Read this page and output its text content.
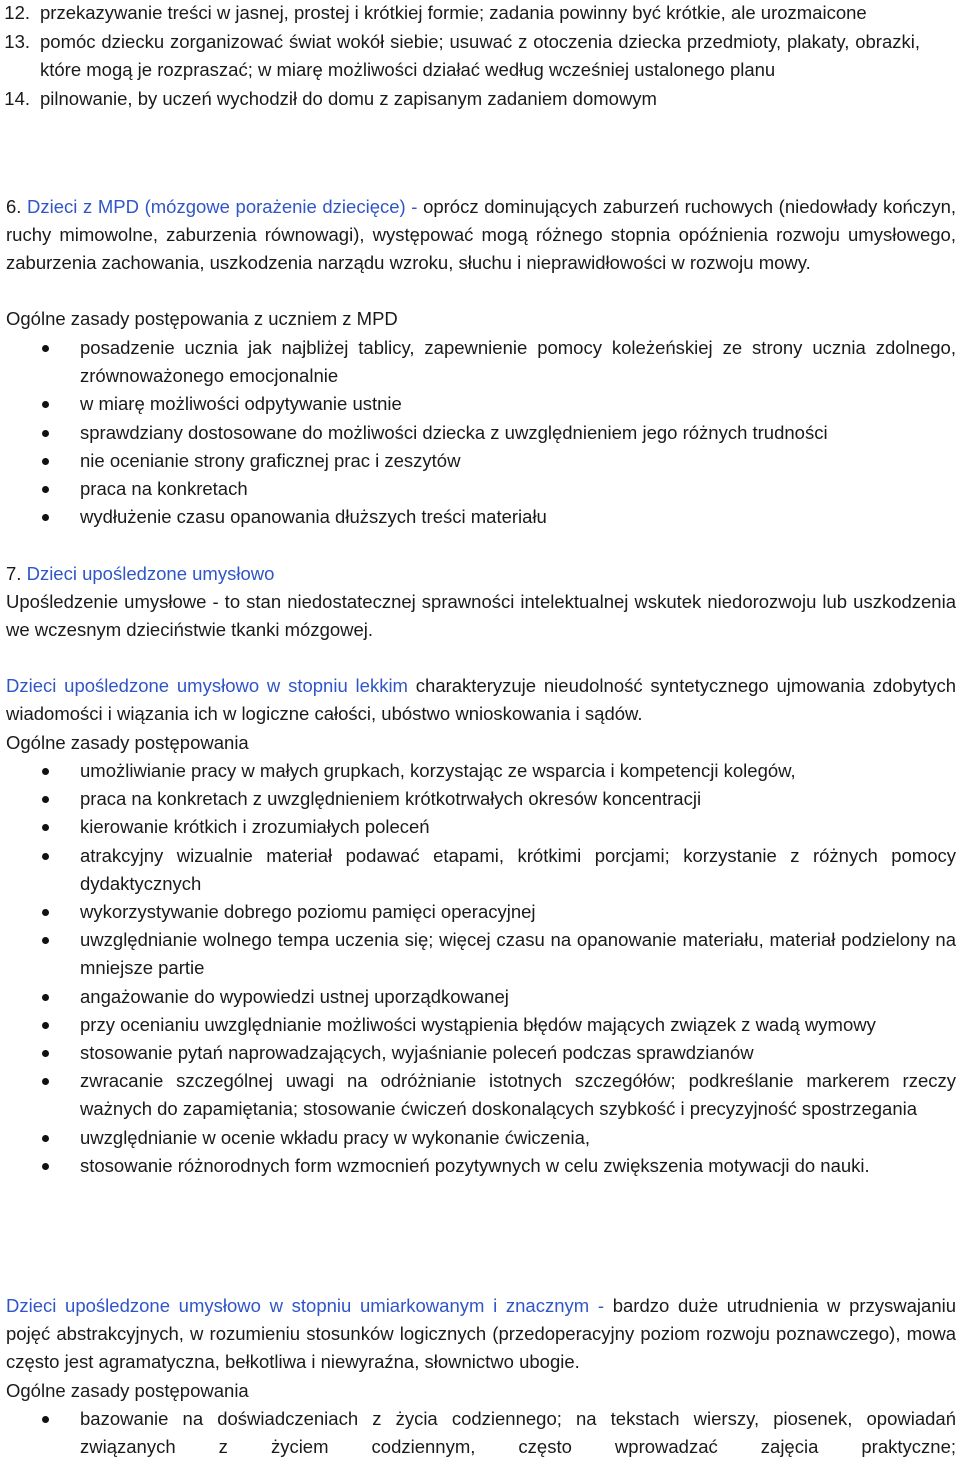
12. przekazywanie treści w jasnej, prostej i krótkiej formie; zadania powinny być krótkie, ale urozmaicone
13. pomóc dziecku zorganizować świat wokół siebie; usuwać z otoczenia dziecka przedmioty, plakaty, obrazki, które mogą je rozpraszać; w miarę możliwości działać według wcześniej ustalonego planu
14. pilnowanie, by uczeń wychodził do domu z zapisanym zadaniem domowym
6. Dzieci z MPD (mózgowe porażenie dziecięce) - oprócz dominujących zaburzeń ruchowych (niedowłady kończyn, ruchy mimowolne, zaburzenia równowagi), występować mogą różnego stopnia opóźnienia rozwoju umysłowego, zaburzenia zachowania, uszkodzenia narządu wzroku, słuchu i nieprawidłowości w rozwoju mowy.
Ogólne zasady postępowania z uczniem z MPD
posadzenie ucznia jak najbliżej tablicy, zapewnienie pomocy koleżeńskiej ze strony ucznia zdolnego, zrównoważonego emocjonalnie
w miarę możliwości odpytywanie ustnie
sprawdziany dostosowane do możliwości dziecka z uwzględnieniem jego różnych trudności
nie ocenianie strony graficznej prac i zeszytów
praca na konkretach
wydłużenie czasu opanowania dłuższych treści materiału
7. Dzieci upośledzone umysłowo
Upośledzenie umysłowe - to stan niedostatecznej sprawności intelektualnej wskutek niedorozwoju lub uszkodzenia we wczesnym dzieciństwie tkanki mózgowej.
Dzieci upośledzone umysłowo w stopniu lekkim charakteryzuje nieudolność syntetycznego ujmowania zdobytych wiadomości i wiązania ich w logiczne całości, ubóstwo wnioskowania i sądów.
Ogólne zasady postępowania
umożliwianie pracy w małych grupkach, korzystając ze wsparcia i kompetencji kolegów,
praca na konkretach z uwzględnieniem krótkotrwałych okresów koncentracji
kierowanie krótkich i zrozumiałych poleceń
atrakcyjny wizualnie materiał podawać etapami, krótkimi porcjami; korzystanie z różnych pomocy dydaktycznych
wykorzystywanie dobrego poziomu pamięci operacyjnej
uwzględnianie wolnego tempa uczenia się; więcej czasu na opanowanie materiału, materiał podzielony na mniejsze partie
angażowanie do wypowiedzi ustnej uporządkowanej
przy ocenianiu uwzględnianie możliwości wystąpienia błędów mających związek z wadą wymowy
stosowanie pytań naprowadzających, wyjaśnianie poleceń podczas sprawdzianów
zwracanie szczególnej uwagi na odróżnianie istotnych szczegółów; podkreślanie markerem rzeczy ważnych do zapamiętania; stosowanie ćwiczeń doskonalących szybkość i precyzyjność spostrzegania
uwzględnianie w ocenie wkładu pracy w wykonanie ćwiczenia,
stosowanie różnorodnych form wzmocnień pozytywnych w celu zwiększenia motywacji do nauki.
Dzieci upośledzone umysłowo w stopniu umiarkowanym i znacznym - bardzo duże utrudnienia w przyswajaniu pojęć abstrakcyjnych, w rozumieniu stosunków logicznych (przedoperacyjny poziom rozwoju poznawczego), mowa często jest agramatyczna, bełkotliwa i niewyraźna, słownictwo ubogie.
Ogólne zasady postępowania
bazowanie na doświadczeniach z życia codziennego; na tekstach wierszy, piosenek, opowiadań związanych z życiem codziennym, często wprowadzać zajęcia praktyczne;
